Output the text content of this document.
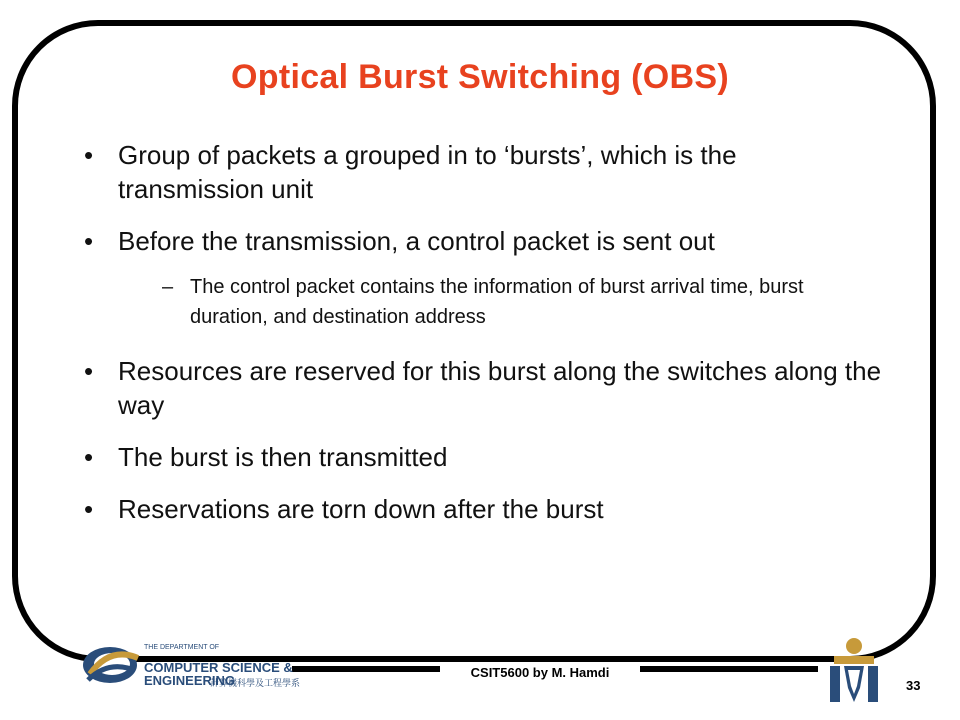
Optical Burst Switching (OBS)
• Group of packets a grouped in to ‘bursts’, which is the transmission unit
• Before the transmission, a control packet is sent out
– The control packet contains the information of burst arrival time, burst duration, and destination address
• Resources are reserved for this burst along the switches along the way
• The burst is then transmitted
• Reservations are torn down after the burst
CSIT5600 by M. Hamdi
33
THE DEPARTMENT OF
COMPUTER SCIENCE &
ENGINEERING
計算機科學及工程學系
